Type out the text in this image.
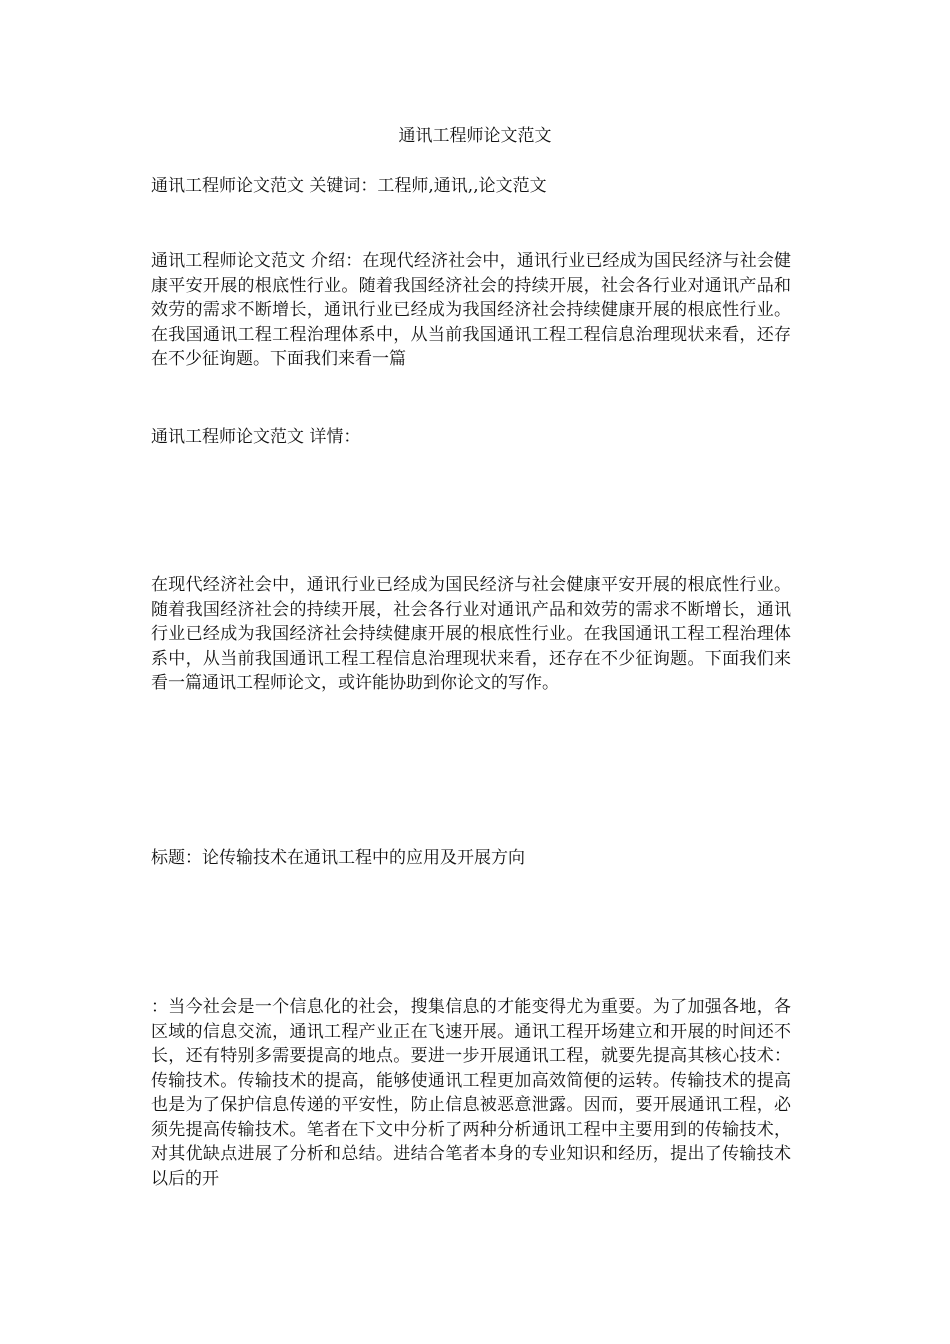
通讯工程师论文范文

通讯工程师论文范文 关键词：工程师,通讯,,论文范文

通讯工程师论文范文 介绍：在现代经济社会中，通讯行业已经成为国民经济与社会健康平安开展的根底性行业。随着我国经济社会的持续开展，社会各行业对通讯产品和效劳的需求不断增长，通讯行业已经成为我国经济社会持续健康开展的根底性行业。在我国通讯工程工程治理体系中，从当前我国通讯工程工程信息治理现状来看，还存在不少征询题。下面我们来看一篇

通讯工程师论文范文 详情：

在现代经济社会中，通讯行业已经成为国民经济与社会健康平安开展的根底性行业。随着我国经济社会的持续开展，社会各行业对通讯产品和效劳的需求不断增长，通讯行业已经成为我国经济社会持续健康开展的根底性行业。在我国通讯工程工程治理体系中，从当前我国通讯工程工程信息治理现状来看，还存在不少征询题。下面我们来看一篇通讯工程师论文，或许能协助到你论文的写作。

标题：论传输技术在通讯工程中的应用及开展方向

：当今社会是一个信息化的社会，搜集信息的才能变得尤为重要。为了加强各地，各区域的信息交流，通讯工程产业正在飞速开展。通讯工程开场建立和开展的时间还不长，还有特别多需要提高的地点。要进一步开展通讯工程，就要先提高其核心技术：传输技术。传输技术的提高，能够使通讯工程更加高效简便的运转。传输技术的提高也是为了保护信息传递的平安性，防止信息被恶意泄露。因而，要开展通讯工程，必须先提高传输技术。笔者在下文中分析了两种分析通讯工程中主要用到的传输技术，对其优缺点进展了分析和总结。进结合笔者本身的专业知识和经历，提出了传输技术以后的开
